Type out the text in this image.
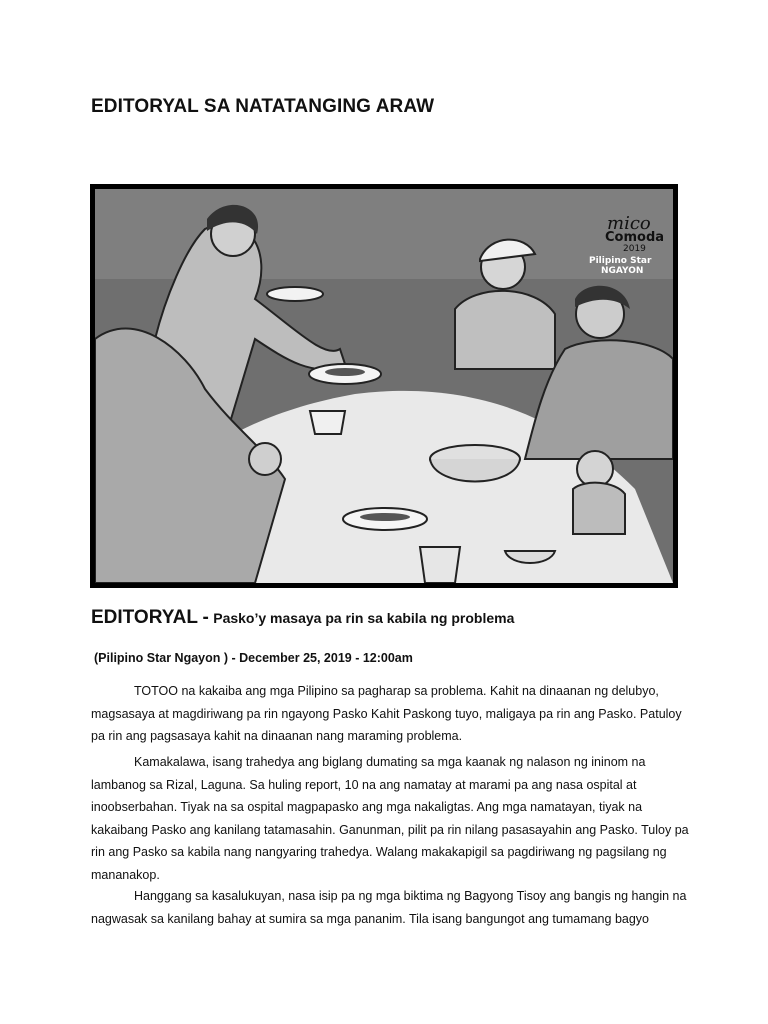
EDITORYAL SA NATATANGING ARAW
mico
Comoda
2019
Pilipino Star
NGAYON
EDITORYAL - Pasko’y masaya pa rin sa kabila ng problema
(Pilipino Star Ngayon ) - December 25, 2019 - 12:00am

TOTOO na kakaiba ang mga Pilipino sa pagharap sa problema. Kahit na dinaanan ng delubyo, magsasaya at magdiriwang pa rin ngayong Pasko Kahit Paskong tuyo, maligaya pa rin ang Pasko. Patuloy pa rin ang pagsasaya kahit na dinaanan nang maraming problema.

Kamakalawa, isang trahedya ang biglang dumating sa mga kaanak ng nalason ng ininom na lambanog sa Rizal, Laguna. Sa huling report, 10 na ang namatay at marami pa ang nasa ospital at inoobserbahan. Tiyak na sa ospital magpapasko ang mga nakaligtas. Ang mga namatayan, tiyak na kakaibang Pasko ang kanilang tatamasahin. Ganunman, pilit pa rin nilang pasasayahin ang Pasko. Tuloy pa rin ang Pasko sa kabila nang nangyaring trahedya. Walang makakapigil sa pagdiriwang ng pagsilang ng mananakop.

Hanggang sa kasalukuyan, nasa isip pa ng mga biktima ng Bagyong Tisoy ang bangis ng hangin na nagwasak sa kanilang bahay at sumira sa mga pananim. Tila isang bangungot ang tumamang bagyo
